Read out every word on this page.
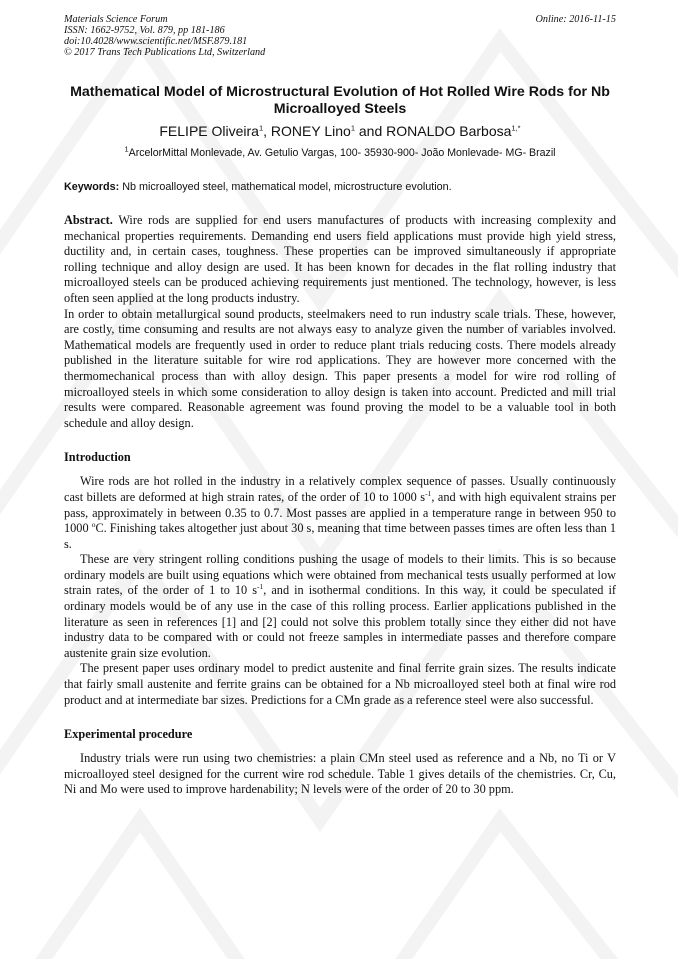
Materials Science Forum
ISSN: 1662-9752, Vol. 879, pp 181-186
doi:10.4028/www.scientific.net/MSF.879.181
© 2017 Trans Tech Publications Ltd, Switzerland
Online: 2016-11-15
Mathematical Model of Microstructural Evolution of Hot Rolled Wire Rods for Nb Microalloyed Steels
FELIPE Oliveira$^1$, RONEY Lino$^1$ and RONALDO Barbosa$^{1,*}$
$^1$ArcelorMittal Monlevade, Av. Getulio Vargas, 100- 35930-900- João Monlevade- MG- Brazil
Keywords: Nb microalloyed steel, mathematical model, microstructure evolution.

Abstract. Wire rods are supplied for end users manufactures of products with increasing complexity and mechanical properties requirements. Demanding end users field applications must provide high yield stress, ductility and, in certain cases, toughness. These properties can be improved simultaneously if appropriate rolling technique and alloy design are used. It has been known for decades in the flat rolling industry that microalloyed steels can be produced achieving requirements just mentioned. The technology, however, is less often seen applied at the long products industry.

In order to obtain metallurgical sound products, steelmakers need to run industry scale trials. These, however, are costly, time consuming and results are not always easy to analyze given the number of variables involved. Mathematical models are frequently used in order to reduce plant trials reducing costs. There models already published in the literature suitable for wire rod applications. They are however more concerned with the thermomechanical process than with alloy design. This paper presents a model for wire rod rolling of microalloyed steels in which some consideration to alloy design is taken into account. Predicted and mill trial results were compared. Reasonable agreement was found proving the model to be a valuable tool in both schedule and alloy design.

Introduction

Wire rods are hot rolled in the industry in a relatively complex sequence of passes. Usually continuously cast billets are deformed at high strain rates, of the order of 10 to 1000 $s^{-1}$, and with high equivalent strains per pass, approximately in between 0.35 to 0.7. Most passes are applied in a temperature range in between 950 to 1000 $^o$C. Finishing takes altogether just about 30 s, meaning that time between passes times are often less than 1 s.

These are very stringent rolling conditions pushing the usage of models to their limits. This is so because ordinary models are built using equations which were obtained from mechanical tests usually performed at low strain rates, of the order of 1 to 10 $s^{-1}$, and in isothermal conditions. In this way, it could be speculated if ordinary models would be of any use in the case of this rolling process. Earlier applications published in the literature as seen in references [1] and [2] could not solve this problem totally since they either did not have industry data to be compared with or could not freeze samples in intermediate passes and therefore compare austenite grain size evolution.

The present paper uses ordinary model to predict austenite and final ferrite grain sizes. The results indicate that fairly small austenite and ferrite grains can be obtained for a Nb microalloyed steel both at final wire rod product and at intermediate bar sizes. Predictions for a CMn grade as a reference steel were also successful.

Experimental procedure

Industry trials were run using two chemistries: a plain CMn steel used as reference and a Nb, no Ti or V microalloyed steel designed for the current wire rod schedule. Table 1 gives details of the chemistries. Cr, Cu, Ni and Mo were used to improve hardenability; N levels were of the order of 20 to 30 ppm.
